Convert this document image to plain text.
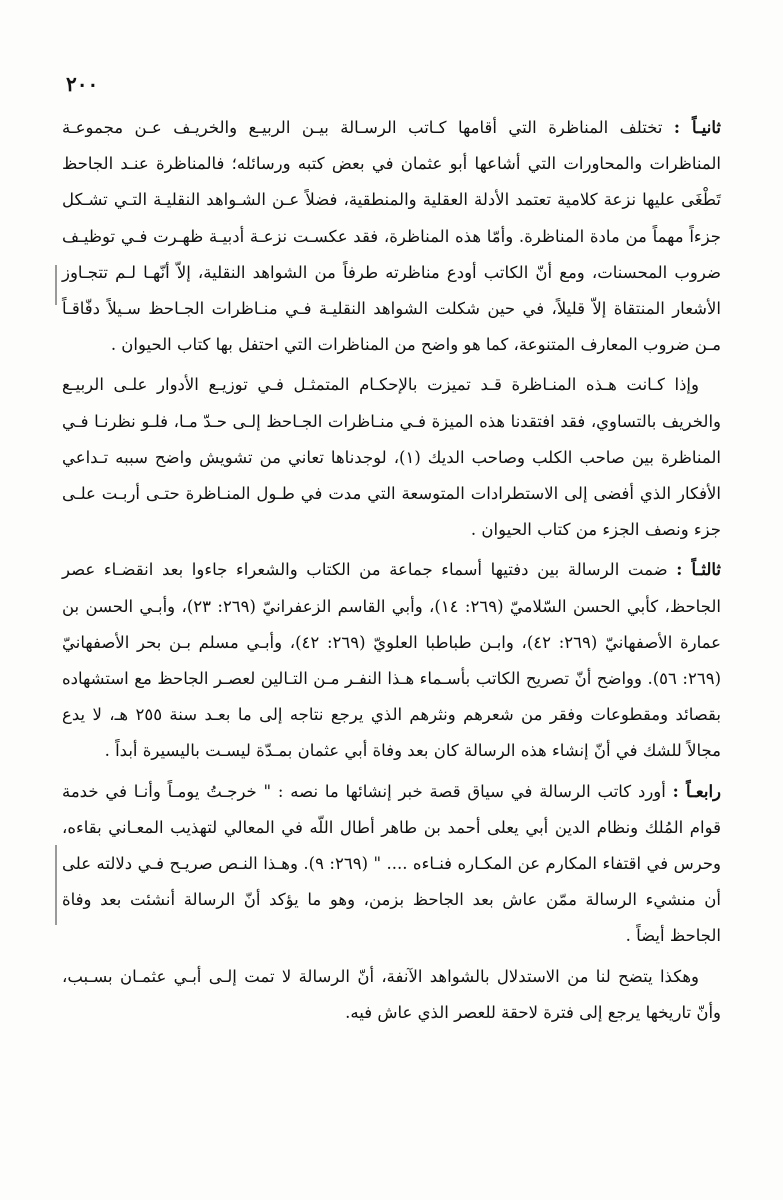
٢٠٠

ثانيـاً : تختلف المناظرة التي أقامها كـاتب الرسـالة بيـن الربيـع والخريـف عـن مجموعـة المناظرات والمحاورات التي أشاعها أبو عثمان في بعض كتبه ورسائله؛ فالمناظرة عنـد الجاحظ تَطْغَى عليها نزعة كلامية تعتمد الأدلة العقلية والمنطقية، فضلاً عـن الشـواهد النقليـة التـي تشـكل جزءاً مهماً من مادة المناظرة. وأمّا هذه المناظرة، فقد عكسـت نزعـة أدبيـة ظهـرت فـي توظيـف ضروب المحسنات، ومع أنّ الكاتب أودع مناظرته طرفاً من الشواهد النقلية، إلاّ أنّهـا لـم تتجـاوز الأشعار المنتقاة إلاّ قليلاً، في حين شكلت الشواهد النقليـة فـي منـاظرات الجـاحظ سـيلاً دفّاقـاً مـن ضروب المعارف المتنوعة، كما هو واضح من المناظرات التي احتفل بها كتاب الحيوان .

وإذا كـانت هـذه المنـاظرة قـد تميزت بالإحكـام المتمثـل فـي توزيـع الأدوار علـى الربيـع والخريف بالتساوي، فقد افتقدنا هذه الميزة فـي منـاظرات الجـاحظ إلـى حـدّ مـا، فلـو نظرنـا فـي المناظرة بين صاحب الكلب وصاحب الديك (١)، لوجدناها تعاني من تشويش واضح سببه تـداعي الأفكار الذي أفضى إلى الاستطرادات المتوسعة التي مدت في طـول المنـاظرة حتـى أربـت علـى جزء ونصف الجزء من كتاب الحيوان .

ثالثـاً : ضمت الرسالة بين دفتيها أسماء جماعة من الكتاب والشعراء جاءوا بعد انقضـاء عصر الجاحظ، كأبي الحسن السّلاميّ (٢٦٩: ١٤)، وأبي القاسم الزعفرانيّ (٢٦٩: ٢٣)، وأبـي الحسن بن عمارة الأصفهانيّ (٢٦٩: ٤٢)، وابـن طباطبا العلويّ (٢٦٩: ٤٢)، وأبـي مسلم بـن بحر الأصفهانيّ (٢٦٩: ٥٦). وواضح أنّ تصريح الكاتب بأسـماء هـذا النفـر مـن التـالين لعصـر الجاحظ مع استشهاده بقصائد ومقطوعات وفقر من شعرهم ونثرهم الذي يرجع نتاجه إلى ما بعـد سنة ٢٥٥ هـ، لا يدع مجالاً للشك في أنّ إنشاء هذه الرسالة كان بعد وفاة أبي عثمان بمـدّة ليسـت باليسيرة أبداً .

رابعـاً : أورد كاتب الرسالة في سياق قصة خبر إنشائها ما نصه : " خرجـتُ يومـاً وأنـا في خدمة قوام المُلك ونظام الدين أبي يعلى أحمد بن طاهر أطال اللّه في المعالي لتهذيب المعـاني بقاءه، وحرس في اقتفاء المكارم عن المكـاره فنـاءه .... " (٢٦٩: ٩). وهـذا النـص صريـح فـي دلالته على أن منشيء الرسالة ممّن عاش بعد الجاحظ بزمن، وهو ما يؤكد أنّ الرسالة أنشئت بعد وفاة الجاحظ أيضاً .

وهكذا يتضح لنا من الاستدلال بالشواهد الآنفة، أنّ الرسالة لا تمت إلـى أبـي عثمـان بسـبب، وأنّ تاريخها يرجع إلى فترة لاحقة للعصر الذي عاش فيه.
